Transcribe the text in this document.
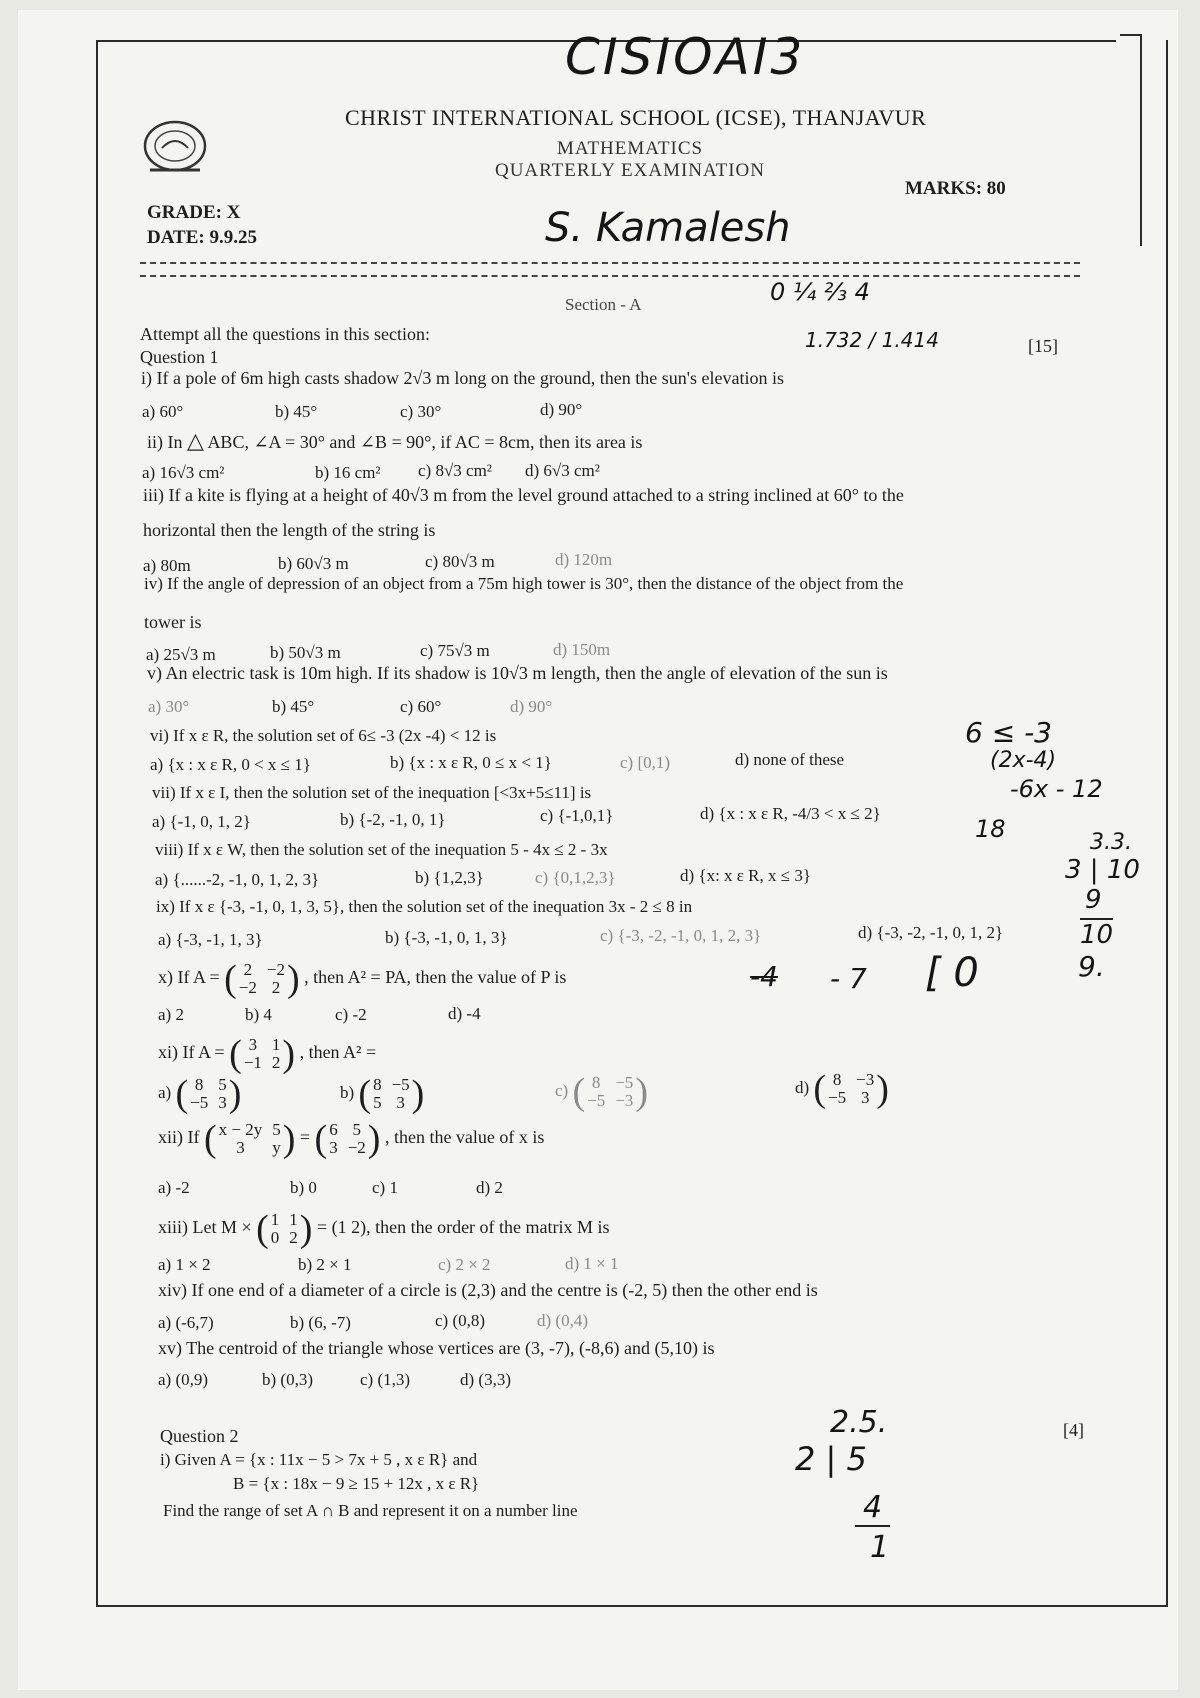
CISIOAI3
CHRIST INTERNATIONAL SCHOOL (ICSE), THANJAVUR
MATHEMATICS
QUARTERLY EXAMINATION
MARKS: 80
GRADE: X
DATE: 9.9.25	S. Kamalesh
0 ¼ ⅔ 4
Section - A
Attempt all the questions in this section:	1.732 / 1.414
Question 1
[15]
i) If a pole of 6m high casts shadow 2√3 m long on the ground, then the sun's elevation is
a) 60°	b) 45°	c) 30°	d) 90°
ii) In △ ABC, ∠A = 30° and ∠B = 90°, if AC = 8cm, then its area is
a) 16√3 cm²	b) 16 cm² c) 8√3 cm² d) 6√3 cm²
iii) If a kite is flying at a height of 40√3 m from the level ground attached to a string inclined at 60° to the
horizontal then the length of the string is
a) 80m	b) 60√3 m	c) 80√3 m	d) 120m
iv) If the angle of depression of an object from a 75m high tower is 30°, then the distance of the object from the
tower is
a) 25√3 m	b) 50√3 m	c) 75√3 m	d) 150m
v) An electric task is 10m high. If its shadow is 10√3 m length, then the angle of elevation of the sun is
a) 30°	b) 45°	c) 60°	d) 90°
vi) If x ε R, the solution set of 6≤ -3 (2x -4) < 12 is
a) {x : x ε R, 0 < x ≤ 1}	b) {x : x ε R, 0 ≤ x < 1}	c) [0,1)	d) none of these
vii) If x ε I, then the solution set of the inequation [<3x+5≤11] is
a) {-1, 0, 1, 2}	b) {-2, -1, 0, 1}	c) {-1,0,1}	d) {x : x ε R, -4/3 < x ≤ 2}
6 ≤ -3
(2x-4)
-6x - 12
18	3.3.
3 | 10
9
10
9.
viii) If x ε W, then the solution set of the inequation 5 - 4x ≤ 2 - 3x
a) {......-2, -1, 0, 1, 2, 3}	b) {1,2,3}	c) {0,1,2,3}	d) {x: x ε R, x ≤ 3}
ix) If x ε {-3, -1, 0, 1, 3, 5}, then the solution set of the inequation 3x - 2 ≤ 8 in
a) {-3, -1, 1, 3}	b) {-3, -1, 0, 1, 3}	c) {-3, -2, -1, 0, 1, 2, 3}	d) {-3, -2, -1, 0, 1, 2}
x) If A = ( 2 −2
−2 2 ) , then A² = PA, then the value of P is
a) 2	b) 4	c) -2	d) -4
-4 - 7 [ 0
xi) If A = ( 3 1
−1 2 ) , then A² =
a) ( 8 5
−5 3 )	b) ( 8 −5
5 3 )	c) ( 8 −5
−5 −3 )	d) ( 8 −3
−5 3 )
xii) If ( x − 2y 5
3	y ) = ( 6 5
3 −2 ) , then the value of x is
a) -2	b) 0	c) 1	d) 2
xiii) Let M × ( 1 1
0 2 ) = (1 2), then the order of the matrix M is
a) 1 × 2	b) 2 × 1	c) 2 × 2	d) 1 × 1
xiv) If one end of a diameter of a circle is (2,3) and the centre is (-2, 5) then the other end is
a) (-6,7)	b) (6, -7)	c) (0,8)	d) (0,4)
xv) The centroid of the triangle whose vertices are (3, -7), (-8,6) and (5,10) is
a) (0,9)	b) (0,3)	c) (1,3)	d) (3,3)
Question 2	[4]
i) Given A = {x : 11x − 5 > 7x + 5 , x ε R} and
B = {x : 18x − 9 ≥ 15 + 12x , x ε R}
Find the range of set A ∩ B and represent it on a number line
2.5.
2 | 5
4
1
